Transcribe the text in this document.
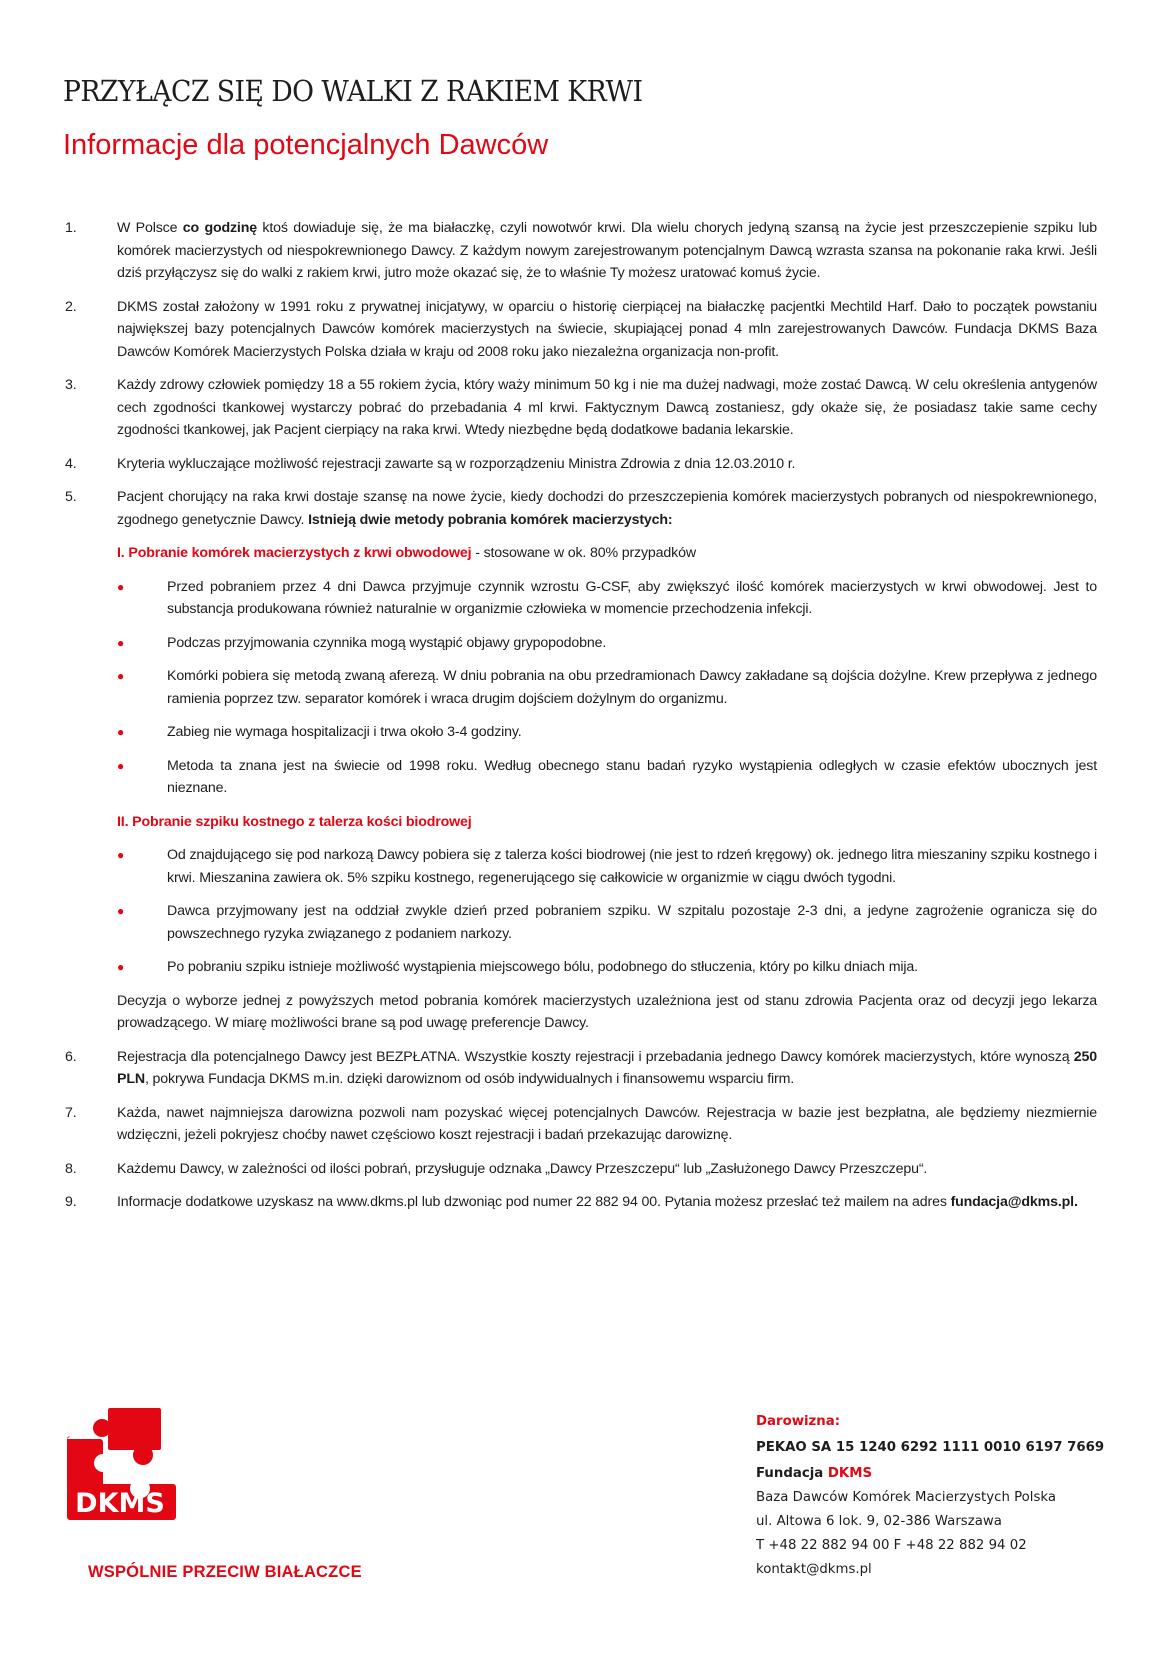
PRZYŁĄCZ SIĘ DO WALKI Z RAKIEM KRWI
Informacje dla potencjalnych Dawców
1.	W Polsce co godzinę ktoś dowiaduje się, że ma białaczkę, czyli nowotwór krwi. Dla wielu chorych jedyną szansą na życie jest przeszczepienie szpiku lub komórek macierzystych od niespokrewnionego Dawcy. Z każdym nowym zarejestrowanym potencjalnym Dawcą wzrasta szansa na pokonanie raka krwi. Jeśli dziś przyłączysz się do walki z rakiem krwi, jutro może okazać się, że to właśnie Ty możesz uratować komuś życie.

2.	DKMS został założony w 1991 roku z prywatnej inicjatywy, w oparciu o historię cierpiącej na białaczkę pacjentki Mechtild Harf. Dało to początek powstaniu największej bazy potencjalnych Dawców komórek macierzystych na świecie, skupiającej ponad 4 mln zarejestrowanych Dawców. Fundacja DKMS Baza Dawców Komórek Macierzystych Polska działa w kraju od 2008 roku jako niezależna organizacja non-profit.

3.	Każdy zdrowy człowiek pomiędzy 18 a 55 rokiem życia, który waży minimum 50 kg i nie ma dużej nadwagi, może zostać Dawcą. W celu określenia antygenów cech zgodności tkankowej wystarczy pobrać do przebadania 4 ml krwi. Faktycznym Dawcą zostaniesz, gdy okaże się, że posiadasz takie same cechy zgodności tkankowej, jak Pacjent cierpiący na raka krwi. Wtedy niezbędne będą dodatkowe badania lekarskie.

4.	Kryteria wykluczające możliwość rejestracji zawarte są w rozporządzeniu Ministra Zdrowia z dnia 12.03.2010 r.

5.	Pacjent chorujący na raka krwi dostaje szansę na nowe życie, kiedy dochodzi do przeszczepienia komórek macierzystych pobranych od niespokrewnionego, zgodnego genetycznie Dawcy. Istnieją dwie metody pobrania komórek macierzystych:

I. Pobranie komórek macierzystych z krwi obwodowej - stosowane w ok. 80% przypadków
●	Przed pobraniem przez 4 dni Dawca przyjmuje czynnik wzrostu G-CSF, aby zwiększyć ilość komórek macierzystych w krwi obwodowej. Jest to substancja produkowana również naturalnie w organizmie człowieka w momencie przechodzenia infekcji.
●	Podczas przyjmowania czynnika mogą wystąpić objawy grypopodobne.
●	Komórki pobiera się metodą zwaną aferezą. W dniu pobrania na obu przedramionach Dawcy zakładane są dojścia dożylne. Krew przepływa z jednego ramienia poprzez tzw. separator komórek i wraca drugim dojściem dożylnym do organizmu.
●	Zabieg nie wymaga hospitalizacji i trwa około 3-4 godziny.
●	Metoda ta znana jest na świecie od 1998 roku. Według obecnego stanu badań ryzyko wystąpienia odległych w czasie efektów ubocznych jest nieznane.
II. Pobranie szpiku kostnego z talerza kości biodrowej
●	Od znajdującego się pod narkozą Dawcy pobiera się z talerza kości biodrowej (nie jest to rdzeń kręgowy) ok. jednego litra mieszaniny szpiku kostnego i krwi. Mieszanina zawiera ok. 5% szpiku kostnego, regenerującego się całkowicie w organizmie w ciągu dwóch tygodni.
●	Dawca przyjmowany jest na oddział zwykle dzień przed pobraniem szpiku. W szpitalu pozostaje 2-3 dni, a jedyne zagrożenie ogranicza się do powszechnego ryzyka związanego z podaniem narkozy.
●	Po pobraniu szpiku istnieje możliwość wystąpienia miejscowego bólu, podobnego do stłuczenia, który po kilku dniach mija.

Decyzja o wyborze jednej z powyższych metod pobrania komórek macierzystych uzależniona jest od stanu zdrowia Pacjenta oraz od decyzji jego lekarza prowadzącego. W miarę możliwości brane są pod uwagę preferencje Dawcy.

6.	Rejestracja dla potencjalnego Dawcy jest BEZPŁATNA. Wszystkie koszty rejestracji i przebadania jednego Dawcy komórek macierzystych, które wynoszą 250 PLN, pokrywa Fundacja DKMS m.in. dzięki darowiznom od osób indywidualnych i finansowemu wsparciu firm.

7.	Każda, nawet najmniejsza darowizna pozwoli nam pozyskać więcej potencjalnych Dawców. Rejestracja w bazie jest bezpłatna, ale będziemy niezmiernie wdzięczni, jeżeli pokryjesz choćby nawet częściowo koszt rejestracji i badań przekazując darowiznę.

8.	Każdemu Dawcy, w zależności od ilości pobrań, przysługuje odznaka „Dawcy Przeszczepu“ lub „Zasłużonego Dawcy Przeszczepu“.

9.	Informacje dodatkowe uzyskasz na www.dkms.pl lub dzwoniąc pod numer 22 882 94 00. Pytania możesz przesłać też mailem na adres fundacja@dkms.pl.

DKMS
WSPÓLNIE PRZECIW BIAŁACZCE
Darowizna:
PEKAO SA 15 1240 6292 1111 0010 6197 7669
Fundacja DKMS
Baza Dawców Komórek Macierzystych Polska
ul. Altowa 6 lok. 9, 02-386 Warszawa
T +48 22 882 94 00 F +48 22 882 94 02
kontakt@dkms.pl
